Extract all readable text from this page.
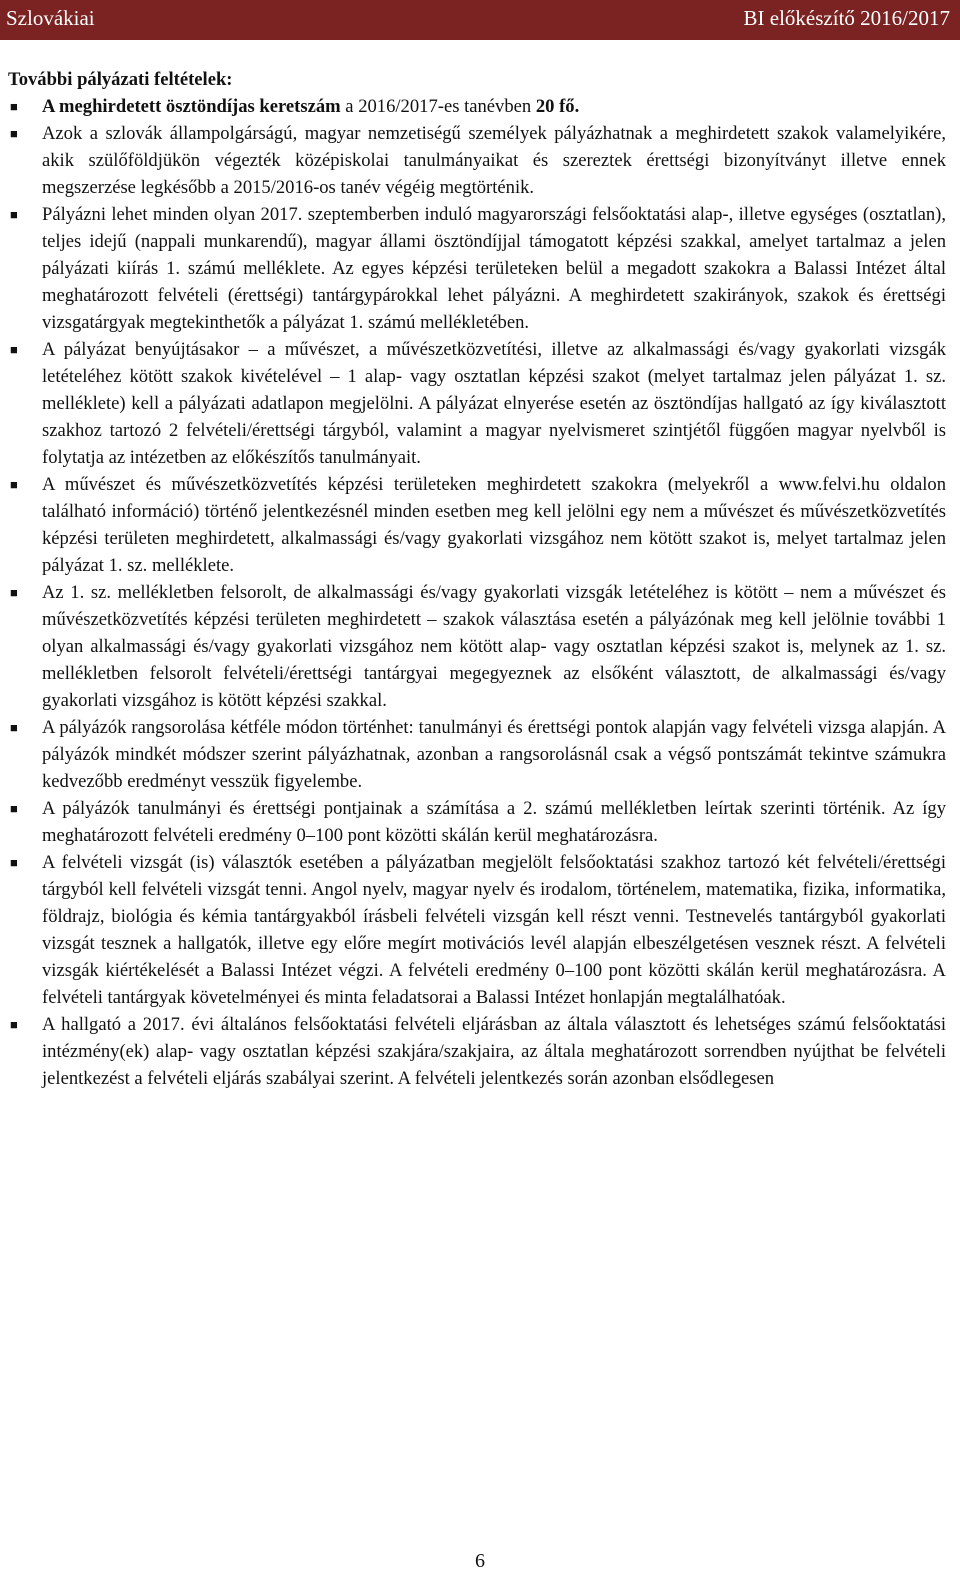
Szlovákiai	BI előkészítő 2016/2017

További pályázati feltételek:

■ A meghirdetett ösztöndíjas keretszám a 2016/2017-es tanévben 20 fő.
■ Azok a szlovák állampolgárságú, magyar nemzetiségű személyek pályázhatnak a meghirdetett szakok valamelyikére, akik szülőföldjükön végezték középiskolai tanulmányaikat és szereztek érettségi bizonyítványt illetve ennek megszerzése legkésőbb a 2015/2016-os tanév végéig megtörténik.
■ Pályázni lehet minden olyan 2017. szeptemberben induló magyarországi felsőoktatási alap-, illetve egységes (osztatlan), teljes idejű (nappali munkarendű), magyar állami ösztöndíjjal támogatott képzési szakkal, amelyet tartalmaz a jelen pályázati kiírás 1. számú melléklete. Az egyes képzési területeken belül a megadott szakokra a Balassi Intézet által meghatározott felvételi (érettségi) tantárgypárokkal lehet pályázni. A meghirdetett szakirányok, szakok és érettségi vizsgatárgyak megtekinthetők a pályázat 1. számú mellékletében.
■ A pályázat benyújtásakor – a művészet, a művészetközvetítési, illetve az alkalmassági és/vagy gyakorlati vizsgák letételéhez kötött szakok kivételével – 1 alap- vagy osztatlan képzési szakot (melyet tartalmaz jelen pályázat 1. sz. melléklete) kell a pályázati adatlapon megjelölni. A pályázat elnyerése esetén az ösztöndíjas hallgató az így kiválasztott szakhoz tartozó 2 felvételi/érettségi tárgyból, valamint a magyar nyelvismeret szintjétől függően magyar nyelvből is folytatja az intézetben az előkészítős tanulmányait.
■ A művészet és művészetközvetítés képzési területeken meghirdetett szakokra (melyekről a www.felvi.hu oldalon található információ) történő jelentkezésnél minden esetben meg kell jelölni egy nem a művészet és művészetközvetítés képzési területen meghirdetett, alkalmassági és/vagy gyakorlati vizsgához nem kötött szakot is, melyet tartalmaz jelen pályázat 1. sz. melléklete.
■ Az 1. sz. mellékletben felsorolt, de alkalmassági és/vagy gyakorlati vizsgák letételéhez is kötött – nem a művészet és művészetközvetítés képzési területen meghirdetett – szakok választása esetén a pályázónak meg kell jelölnie további 1 olyan alkalmassági és/vagy gyakorlati vizsgához nem kötött alap- vagy osztatlan képzési szakot is, melynek az 1. sz. mellékletben felsorolt felvételi/érettségi tantárgyai megegyeznek az elsőként választott, de alkalmassági és/vagy gyakorlati vizsgához is kötött képzési szakkal.
■ A pályázók rangsorolása kétféle módon történhet: tanulmányi és érettségi pontok alapján vagy felvételi vizsga alapján. A pályázók mindkét módszer szerint pályázhatnak, azonban a rangsorolásnál csak a végső pontszámát tekintve számukra kedvezőbb eredményt vesszük figyelembe.
■ A pályázók tanulmányi és érettségi pontjainak a számítása a 2. számú mellékletben leírtak szerinti történik. Az így meghatározott felvételi eredmény 0–100 pont közötti skálán kerül meghatározásra.
■ A felvételi vizsgát (is) választók esetében a pályázatban megjelölt felsőoktatási szakhoz tartozó két felvételi/érettségi tárgyból kell felvételi vizsgát tenni. Angol nyelv, magyar nyelv és irodalom, történelem, matematika, fizika, informatika, földrajz, biológia és kémia tantárgyakból írásbeli felvételi vizsgán kell részt venni. Testnevelés tantárgyból gyakorlati vizsgát tesznek a hallgatók, illetve egy előre megírt motivációs levél alapján elbeszélgetésen vesznek részt. A felvételi vizsgák kiértékelését a Balassi Intézet végzi. A felvételi eredmény 0–100 pont közötti skálán kerül meghatározásra. A felvételi tantárgyak követelményei és minta feladatsorai a Balassi Intézet honlapján megtalálhatóak.
■ A hallgató a 2017. évi általános felsőoktatási felvételi eljárásban az általa választott és lehetséges számú felsőoktatási intézmény(ek) alap- vagy osztatlan képzési szakjára/szakjaira, az általa meghatározott sorrendben nyújthat be felvételi jelentkezést a felvételi eljárás szabályai szerint. A felvételi jelentkezés során azonban elsődlegesen
6
